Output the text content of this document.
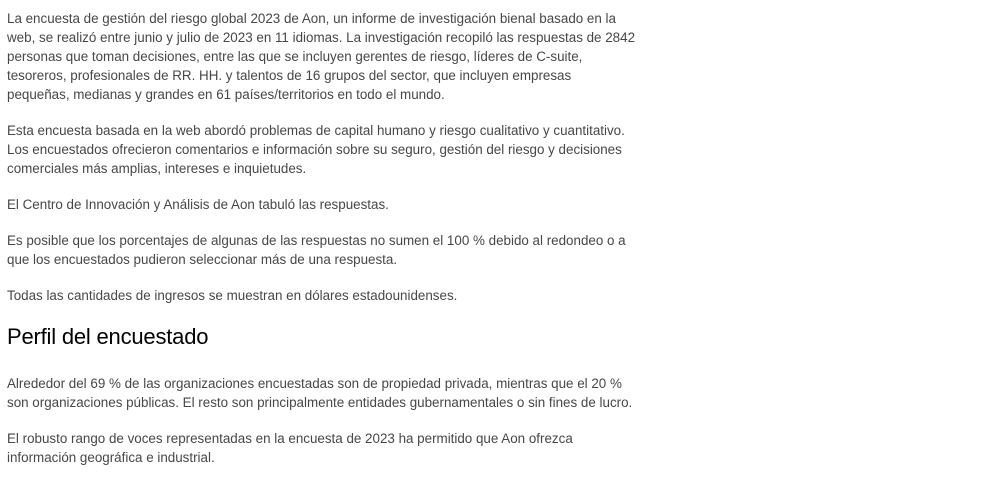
La encuesta de gestión del riesgo global 2023 de Aon, un informe de investigación bienal basado en la web, se realizó entre junio y julio de 2023 en 11 idiomas. La investigación recopiló las respuestas de 2842 personas que toman decisiones, entre las que se incluyen gerentes de riesgo, líderes de C-suite, tesoreros, profesionales de RR. HH. y talentos de 16 grupos del sector, que incluyen empresas pequeñas, medianas y grandes en 61 países/territorios en todo el mundo.

Esta encuesta basada en la web abordó problemas de capital humano y riesgo cualitativo y cuantitativo. Los encuestados ofrecieron comentarios e información sobre su seguro, gestión del riesgo y decisiones comerciales más amplias, intereses e inquietudes.

El Centro de Innovación y Análisis de Aon tabuló las respuestas.

Es posible que los porcentajes de algunas de las respuestas no sumen el 100 % debido al redondeo o a que los encuestados pudieron seleccionar más de una respuesta.

Todas las cantidades de ingresos se muestran en dólares estadounidenses.

Perfil del encuestado

Alrededor del 69 % de las organizaciones encuestadas son de propiedad privada, mientras que el 20 % son organizaciones públicas. El resto son principalmente entidades gubernamentales o sin fines de lucro.

El robusto rango de voces representadas en la encuesta de 2023 ha permitido que Aon ofrezca información geográfica e industrial.
